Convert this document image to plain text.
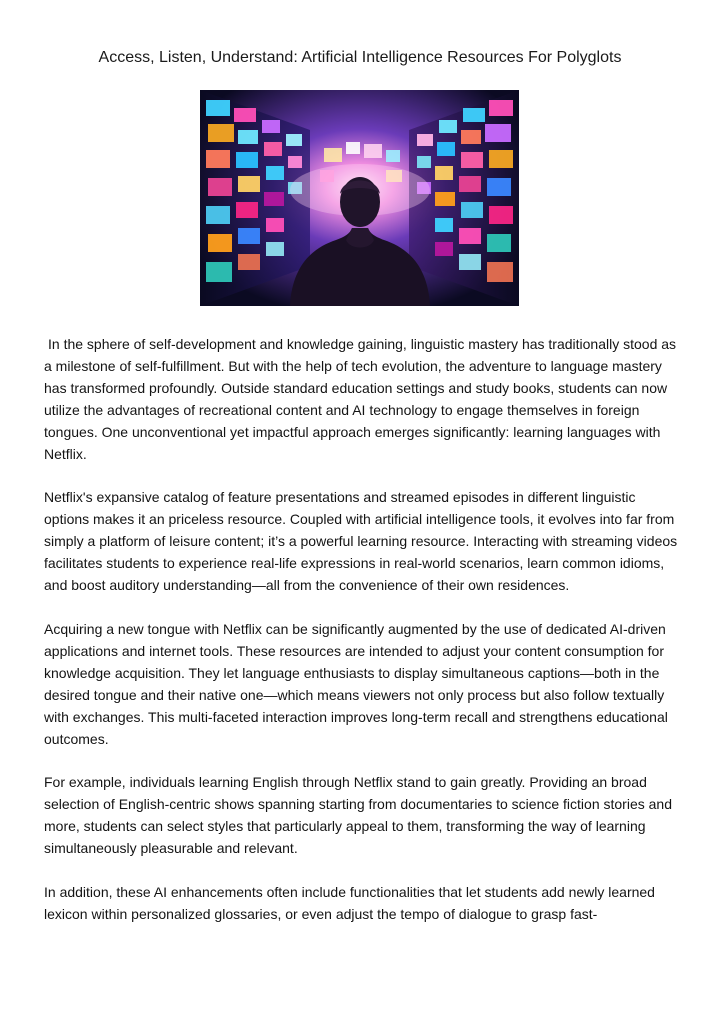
Access, Listen, Understand: Artificial Intelligence Resources For Polyglots

In the sphere of self-development and knowledge gaining, linguistic mastery has traditionally stood as a milestone of self-fulfillment. But with the help of tech evolution, the adventure to language mastery has transformed profoundly. Outside standard education settings and study books, students can now utilize the advantages of recreational content and AI technology to engage themselves in foreign tongues. One unconventional yet impactful approach emerges significantly: learning languages with Netflix.

Netflix's expansive catalog of feature presentations and streamed episodes in different linguistic options makes it an priceless resource. Coupled with artificial intelligence tools, it evolves into far from simply a platform of leisure content; it’s a powerful learning resource. Interacting with streaming videos facilitates students to experience real-life expressions in real-world scenarios, learn common idioms, and boost auditory understanding—all from the convenience of their own residences.

Acquiring a new tongue with Netflix can be significantly augmented by the use of dedicated AI-driven applications and internet tools. These resources are intended to adjust your content consumption for knowledge acquisition. They let language enthusiasts to display simultaneous captions—both in the desired tongue and their native one—which means viewers not only process but also follow textually with exchanges. This multi-faceted interaction improves long-term recall and strengthens educational outcomes.

For example, individuals learning English through Netflix stand to gain greatly. Providing an broad selection of English-centric shows spanning starting from documentaries to science fiction stories and more, students can select styles that particularly appeal to them, transforming the way of learning simultaneously pleasurable and relevant.

In addition, these AI enhancements often include functionalities that let students add newly learned lexicon within personalized glossaries, or even adjust the tempo of dialogue to grasp fast-
